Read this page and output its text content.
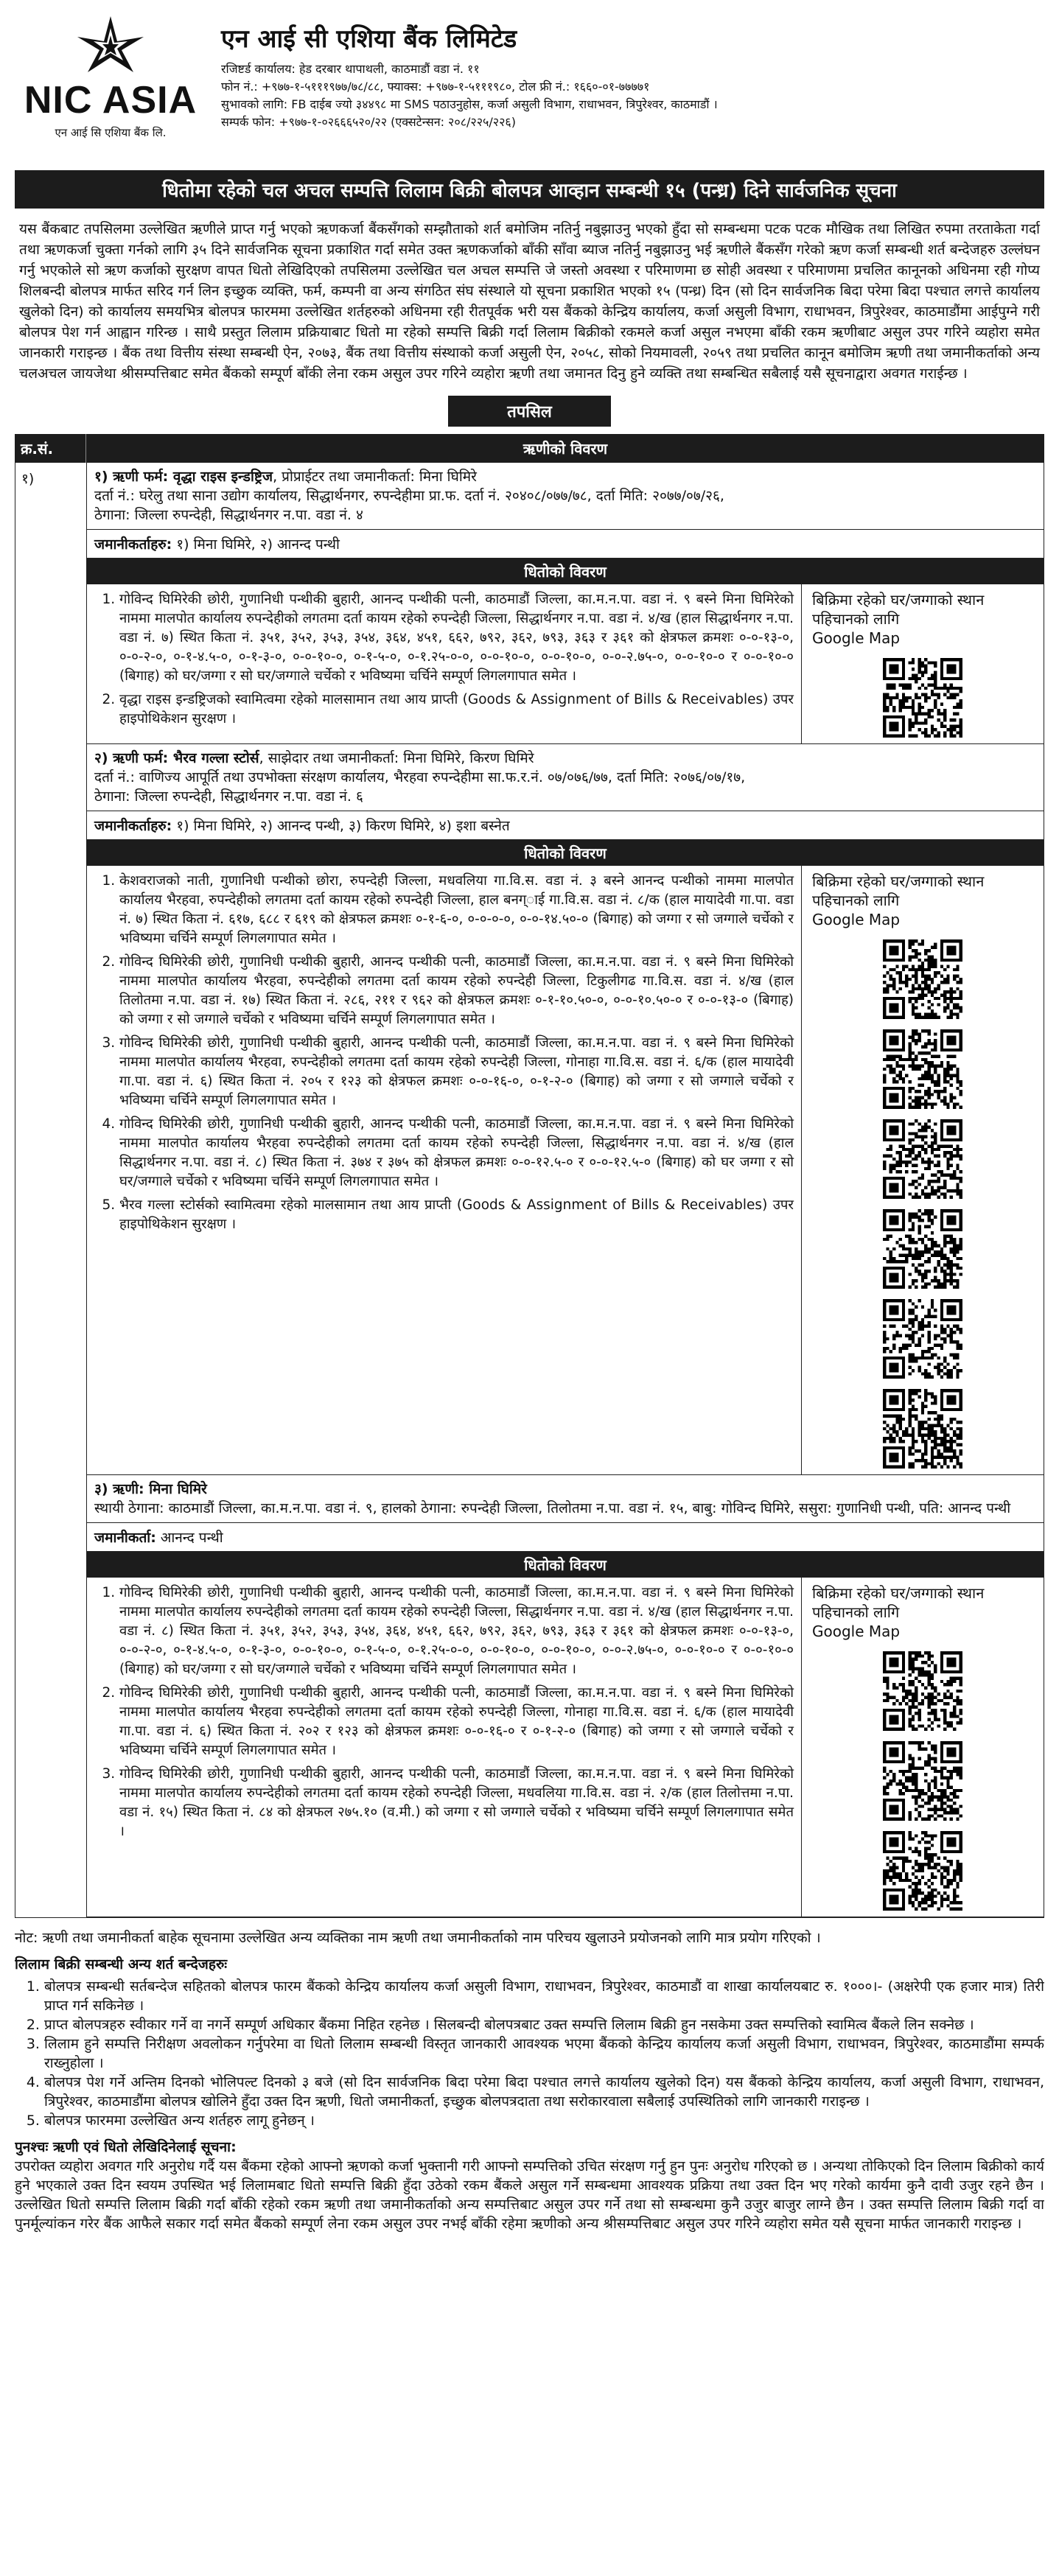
NIC ASIA
एन आई सि एशिया बैंक लि.
एन आई सी एशिया बैंक लिमिटेड
रजिष्टर्ड कार्यालय: हेड दरबार थापाथली, काठमाडौं वडा नं. ११
फोन नं.: +९७७-१-५१११९७७/७८/८८, फ्याक्स: +९७७-१-५१११९८०, टोल फ्री नं.: १६६०-०१-७७७७१
सुभावको लागि: FB दाईब ज्यो ३४४९८ मा SMS पठाउनुहोस, कर्जा असुली विभाग, राधाभवन, त्रिपुरेश्वर, काठमाडौं ।
सम्पर्क फोन: +९७७-१-०२६६६५२०/२२ (एक्सटेन्सन: २०८/२२५/२२६)
धितोमा रहेको चल अचल सम्पत्ति लिलाम बिक्री बोलपत्र आव्हान सम्बन्धी १५ (पन्ध्र) दिने सार्वजनिक सूचना
यस बैंकबाट तपसिलमा उल्लेखित ऋणीले प्राप्त गर्नु भएको ऋणकर्जा बैंकसँगको सम्झौताको शर्त बमोजिम नतिर्नु नबुझाउनु भएको हुँदा सो सम्बन्धमा पटक पटक मौखिक तथा लिखित रुपमा तरताकेता गर्दा तथा ऋणकर्जा चुक्ता गर्नको लागि ३५ दिने सार्वजनिक सूचना प्रकाशित गर्दा समेत उक्त ऋणकर्जाको बाँकी साँवा ब्याज नतिर्नु नबुझाउनु भई ऋणीले बैंकसँग गरेको ऋण कर्जा सम्बन्धी शर्त बन्देजहरु उल्लंघन गर्नु भएकोले सो ऋण कर्जाको सुरक्षण वापत धितो लेखिदिएको तपसिलमा उल्लेखित चल अचल सम्पत्ति जे जस्तो अवस्था र परिमाणमा छ सोही अवस्था र परिमाणमा प्रचलित कानूनको अधिनमा रही गोप्य शिलबन्दी बोलपत्र मार्फत सरिद गर्न लिन इच्छुक व्यक्ति, फर्म, कम्पनी वा अन्य संगठित संघ संस्थाले यो सूचना प्रकाशित भएको १५ (पन्ध्र) दिन (सो दिन सार्वजनिक बिदा परेमा बिदा पश्चात लगत्ते कार्यालय खुलेको दिन) को कार्यालय समयभित्र बोलपत्र फारममा उल्लेखित शर्तहरुको अधिनमा रही रीतपूर्वक भरी यस बैंकको केन्द्रिय कार्यालय, कर्जा असुली विभाग, राधाभवन, त्रिपुरेश्वर, काठमाडौंमा आईपुग्ने गरी बोलपत्र पेश गर्न आह्वान गरिन्छ । साथै प्रस्तुत लिलाम प्रक्रियाबाट धितो मा रहेको सम्पत्ति बिक्री गर्दा लिलाम बिक्रीको रकमले कर्जा असुल नभएमा बाँकी रकम ऋणीबाट असुल उपर गरिने व्यहोरा समेत जानकारी गराइन्छ । बैंक तथा वित्तीय संस्था सम्बन्धी ऐन, २०७३, बैंक तथा वित्तीय संस्थाको कर्जा असुली ऐन, २०५८, सोको नियमावली, २०५९ तथा प्रचलित कानून बमोजिम ऋणी तथा जमानीकर्ताको अन्य चलअचल जायजेथा श्रीसम्पत्तिबाट समेत बैंकको सम्पूर्ण बाँकी लेना रकम असुल उपर गरिने व्यहोरा ऋणी तथा जमानत दिनु हुने व्यक्ति तथा सम्बन्धित सबैलाई यसै सूचनाद्वारा अवगत गराईन्छ ।
तपसिल
क्र.सं.	ऋणीको विवरण
१)	१) ऋणी फर्म: वृद्धा राइस इन्डष्ट्रिज, प्रोप्राईटर तथा जमानीकर्ता: मिना घिमिरे
दर्ता नं.: घरेलु तथा साना उद्योग कार्यालय, सिद्धार्थनगर, रुपन्देहीमा प्रा.फ. दर्ता नं. २०४०८/०७७/७८, दर्ता मिति: २०७७/०७/२६,
ठेगाना: जिल्ला रुपन्देही, सिद्धार्थनगर न.पा. वडा नं. ४
जमानीकर्ताहरु: १) मिना घिमिरे, २) आनन्द पन्थी
धितोको विवरण
1. गोविन्द घिमिरेकी छोरी, गुणानिधी पन्थीकी बुहारी, आनन्द पन्थीकी पत्नी, काठमाडौं जिल्ला, का.म.न.पा. वडा नं. ९ बस्ने मिना घिमिरेको नाममा मालपोत कार्यालय रुपन्देहीको लगतमा दर्ता कायम रहेको रुपन्देही जिल्ला, सिद्धार्थनगर न.पा. वडा नं. ४/ख (हाल सिद्धार्थनगर न.पा. वडा नं. ७) स्थित किता नं. ३५१, ३५२, ३५३, ३५४, ३६४, ४५१, ६६२, ७९२, ३६२, ७९३, ३६३ र ३६१ को क्षेत्रफल क्रमशः ०-०-१३-०, ०-०-२-०, ०-१-४.५-०, ०-१-३-०, ०-०-१०-०, ०-१-५-०, ०-१.२५-०-०, ०-०-१०-०, ०-०-१०-०, ०-०-२.७५-०, ०-०-१०-० र ०-०-१०-० (बिगाह) को घर/जग्गा र सो घर/जग्गाले चर्चेको र भविष्यमा चर्चिने सम्पूर्ण लिगलगापात समेत ।
2. वृद्धा राइस इन्डष्ट्रिजको स्वामित्वमा रहेको मालसामान तथा आय प्राप्ती (Goods & Assignment of Bills & Receivables) उपर हाइपोथिकेशन सुरक्षण ।
बिक्रिमा रहेको घर/जग्गाको स्थान पहिचानको लागि
Google Map
२) ऋणी फर्म: भैरव गल्ला स्टोर्स, साझेदार तथा जमानीकर्ता: मिना घिमिरे, किरण घिमिरे
दर्ता नं.: वाणिज्य आपूर्ति तथा उपभोक्ता संरक्षण कार्यालय, भैरहवा रुपन्देहीमा सा.फ.र.नं. ०७/०७६/७७, दर्ता मिति: २०७६/०७/१७,
ठेगाना: जिल्ला रुपन्देही, सिद्धार्थनगर न.पा. वडा नं. ६
जमानीकर्ताहरु: १) मिना घिमिरे, २) आनन्द पन्थी, ३) किरण घिमिरे, ४) इशा बस्नेत
धितोको विवरण
1. केशवराजको नाती, गुणानिधी पन्थीको छोरा, रुपन्देही जिल्ला, मधवलिया गा.वि.स. वडा नं. ३ बस्ने आनन्द पन्थीको नाममा मालपोत कार्यालय भैरहवा, रुपन्देहीको लगतमा दर्ता कायम रहेको रुपन्देही जिल्ला, हाल बनग्ाई गा.वि.स. वडा नं. ८/क (हाल मायादेवी गा.पा. वडा नं. ७) स्थित किता नं. ६१७, ६८८ र ६१९ को क्षेत्रफल क्रमशः ०-१-६-०, ०-०-०-०, ०-०-१४.५०-० (बिगाह) को जग्गा र सो जग्गाले चर्चेको र भविष्यमा चर्चिने सम्पूर्ण लिगलगापात समेत ।
2. गोविन्द घिमिरेकी छोरी, गुणानिधी पन्थीकी बुहारी, आनन्द पन्थीकी पत्नी, काठमाडौं जिल्ला, का.म.न.पा. वडा नं. ९ बस्ने मिना घिमिरेको नाममा मालपोत कार्यालय भैरहवा, रुपन्देहीको लगतमा दर्ता कायम रहेको रुपन्देही जिल्ला, टिकुलीगढ गा.वि.स. वडा नं. ४/ख (हाल तिलोतमा न.पा. वडा नं. १७) स्थित किता नं. २८६, २११ र ९६२ को क्षेत्रफल क्रमशः ०-१-१०.५०-०, ०-०-१०.५०-० र ०-०-१३-० (बिगाह) को जग्गा र सो जग्गाले चर्चेको र भविष्यमा चर्चिने सम्पूर्ण लिगलगापात समेत ।
3. गोविन्द घिमिरेकी छोरी, गुणानिधी पन्थीकी बुहारी, आनन्द पन्थीकी पत्नी, काठमाडौं जिल्ला, का.म.न.पा. वडा नं. ९ बस्ने मिना घिमिरेको नाममा मालपोत कार्यालय भैरहवा, रुपन्देहीको लगतमा दर्ता कायम रहेको रुपन्देही जिल्ला, गोनाहा गा.वि.स. वडा नं. ६/क (हाल मायादेवी गा.पा. वडा नं. ६) स्थित किता नं. २०५ र १२३ को क्षेत्रफल क्रमशः ०-०-१६-०, ०-१-२-० (बिगाह) को जग्गा र सो जग्गाले चर्चेको र भविष्यमा चर्चिने सम्पूर्ण लिगलगापात समेत ।
4. गोविन्द घिमिरेकी छोरी, गुणानिधी पन्थीकी बुहारी, आनन्द पन्थीकी पत्नी, काठमाडौं जिल्ला, का.म.न.पा. वडा नं. ९ बस्ने मिना घिमिरेको नाममा मालपोत कार्यालय भैरहवा रुपन्देहीको लगतमा दर्ता कायम रहेको रुपन्देही जिल्ला, सिद्धार्थनगर न.पा. वडा नं. ४/ख (हाल सिद्धार्थनगर न.पा. वडा नं. ८) स्थित किता नं. ३७४ र ३७५ को क्षेत्रफल क्रमशः ०-०-१२.५-० र ०-०-१२.५-० (बिगाह) को घर जग्गा र सो घर/जग्गाले चर्चेको र भविष्यमा चर्चिने सम्पूर्ण लिगलगापात समेत ।
5. भैरव गल्ला स्टोर्सको स्वामित्वमा रहेको मालसामान तथा आय प्राप्ती (Goods & Assignment of Bills & Receivables) उपर हाइपोथिकेशन सुरक्षण ।
बिक्रिमा रहेको घर/जग्गाको स्थान पहिचानको लागि
Google Map
३) ऋणी: मिना घिमिरे
स्थायी ठेगाना: काठमाडौं जिल्ला, का.म.न.पा. वडा नं. ९, हालको ठेगाना: रुपन्देही जिल्ला, तिलोतमा न.पा. वडा नं. १५, बाबु: गोविन्द घिमिरे, ससुरा: गुणानिधी पन्थी, पति: आनन्द पन्थी
जमानीकर्ता: आनन्द पन्थी
धितोको विवरण
1. गोविन्द घिमिरेकी छोरी, गुणानिधी पन्थीकी बुहारी, आनन्द पन्थीकी पत्नी, काठमाडौं जिल्ला, का.म.न.पा. वडा नं. ९ बस्ने मिना घिमिरेको नाममा मालपोत कार्यालय रुपन्देहीको लगतमा दर्ता कायम रहेको रुपन्देही जिल्ला, सिद्धार्थनगर न.पा. वडा नं. ४/ख (हाल सिद्धार्थनगर न.पा. वडा नं. ८) स्थित किता नं. ३५१, ३५२, ३५३, ३५४, ३६४, ४५१, ६६२, ७९२, ३६२, ७९३, ३६३ र ३६१ को क्षेत्रफल क्रमशः ०-०-१३-०, ०-०-२-०, ०-१-४.५-०, ०-१-३-०, ०-०-१०-०, ०-१-५-०, ०-१.२५-०-०, ०-०-१०-०, ०-०-१०-०, ०-०-२.७५-०, ०-०-१०-० र ०-०-१०-० (बिगाह) को घर/जग्गा र सो घर/जग्गाले चर्चेको र भविष्यमा चर्चिने सम्पूर्ण लिगलगापात समेत ।
2. गोविन्द घिमिरेकी छोरी, गुणानिधी पन्थीकी बुहारी, आनन्द पन्थीकी पत्नी, काठमाडौं जिल्ला, का.म.न.पा. वडा नं. ९ बस्ने मिना घिमिरेको नाममा मालपोत कार्यालय भैरहवा रुपन्देहीको लगतमा दर्ता कायम रहेको रुपन्देही जिल्ला, गोनाहा गा.वि.स. वडा नं. ६/क (हाल मायादेवी गा.पा. वडा नं. ६) स्थित किता नं. २०२ र १२३ को क्षेत्रफल क्रमशः ०-०-१६-० र ०-१-२-० (बिगाह) को जग्गा र सो जग्गाले चर्चेको र भविष्यमा चर्चिने सम्पूर्ण लिगलगापात समेत ।
3. गोविन्द घिमिरेकी छोरी, गुणानिधी पन्थीकी बुहारी, आनन्द पन्थीकी पत्नी, काठमाडौं जिल्ला, का.म.न.पा. वडा नं. ९ बस्ने मिना घिमिरेको नाममा मालपोत कार्यालय रुपन्देहीको लगतमा दर्ता कायम रहेको रुपन्देही जिल्ला, मधवलिया गा.वि.स. वडा नं. २/क (हाल तिलोत्तमा न.पा. वडा नं. १५) स्थित किता नं. ८४ को क्षेत्रफल २७५.१० (व.मी.) को जग्गा र सो जग्गाले चर्चेको र भविष्यमा चर्चिने सम्पूर्ण लिगलगापात समेत ।
बिक्रिमा रहेको घर/जग्गाको स्थान पहिचानको लागि
Google Map

नोट: ऋणी तथा जमानीकर्ता बाहेक सूचनामा उल्लेखित अन्य व्यक्तिका नाम ऋणी तथा जमानीकर्ताको नाम परिचय खुलाउने प्रयोजनको लागि मात्र प्रयोग गरिएको ।

लिलाम बिक्री सम्बन्धी अन्य शर्त बन्देजहरुः
1. बोलपत्र सम्बन्धी सर्तबन्देज सहितको बोलपत्र फारम बैंकको केन्द्रिय कार्यालय कर्जा असुली विभाग, राधाभवन, त्रिपुरेश्वर, काठमाडौं वा शाखा कार्यालयबाट रु. १०००।- (अक्षरेपी एक हजार मात्र) तिरी प्राप्त गर्न सकिनेछ ।
2. प्राप्त बोलपत्रहरु स्वीकार गर्ने वा नगर्ने सम्पूर्ण अधिकार बैंकमा निहित रहनेछ । सिलबन्दी बोलपत्रबाट उक्त सम्पत्ति लिलाम बिक्री हुन नसकेमा उक्त सम्पत्तिको स्वामित्व बैंकले लिन सक्नेछ ।
3. लिलाम हुने सम्पत्ति निरीक्षण अवलोकन गर्नुपरेमा वा धितो लिलाम सम्बन्धी विस्तृत जानकारी आवश्यक भएमा बैंकको केन्द्रिय कार्यालय कर्जा असुली विभाग, राधाभवन, त्रिपुरेश्वर, काठमाडौंमा सम्पर्क राख्नुहोला ।
4. बोलपत्र पेश गर्ने अन्तिम दिनको भोलिपल्ट दिनको ३ बजे (सो दिन सार्वजनिक बिदा परेमा बिदा पश्चात लगत्ते कार्यालय खुलेको दिन) यस बैंकको केन्द्रिय कार्यालय, कर्जा असुली विभाग, राधाभवन, त्रिपुरेश्वर, काठमाडौंमा बोलपत्र खोलिने हुँदा उक्त दिन ऋणी, धितो जमानीकर्ता, इच्छुक बोलपत्रदाता तथा सरोकारवाला सबैलाई उपस्थितिको लागि जानकारी गराइन्छ ।
5. बोलपत्र फारममा उल्लेखित अन्य शर्तहरु लागू हुनेछन् ।
पुनश्चः ऋणी एवं धितो लेखिदिनेलाई सूचना:

उपरोक्त व्यहोरा अवगत गरि अनुरोध गर्दै यस बैंकमा रहेको आफ्नो ऋणको कर्जा भुक्तानी गरी आफ्नो सम्पत्तिको उचित संरक्षण गर्नु हुन पुनः अनुरोध गरिएको छ । अन्यथा तोकिएको दिन लिलाम बिक्रीको कार्य हुने भएकाले उक्त दिन स्वयम उपस्थित भई लिलामबाट धितो सम्पत्ति बिक्री हुँदा उठेको रकम बैंकले असुल गर्ने सम्बन्धमा आवश्यक प्रक्रिया तथा उक्त दिन भए गरेको कार्यमा कुनै दावी उजुर रहने छैन । उल्लेखित धितो सम्पत्ति लिलाम बिक्री गर्दा बाँकी रहेको रकम ऋणी तथा जमानीकर्ताको अन्य सम्पत्तिबाट असुल उपर गर्ने तथा सो सम्बन्धमा कुनै उजुर बाजुर लाग्ने छैन । उक्त सम्पत्ति लिलाम बिक्री गर्दा वा पुनर्मूल्यांकन गरेर बैंक आफैले सकार गर्दा समेत बैंकको सम्पूर्ण लेना रकम असुल उपर नभई बाँकी रहेमा ऋणीको अन्य श्रीसम्पत्तिबाट असुल उपर गरिने व्यहोरा समेत यसै सूचना मार्फत जानकारी गराइन्छ ।
